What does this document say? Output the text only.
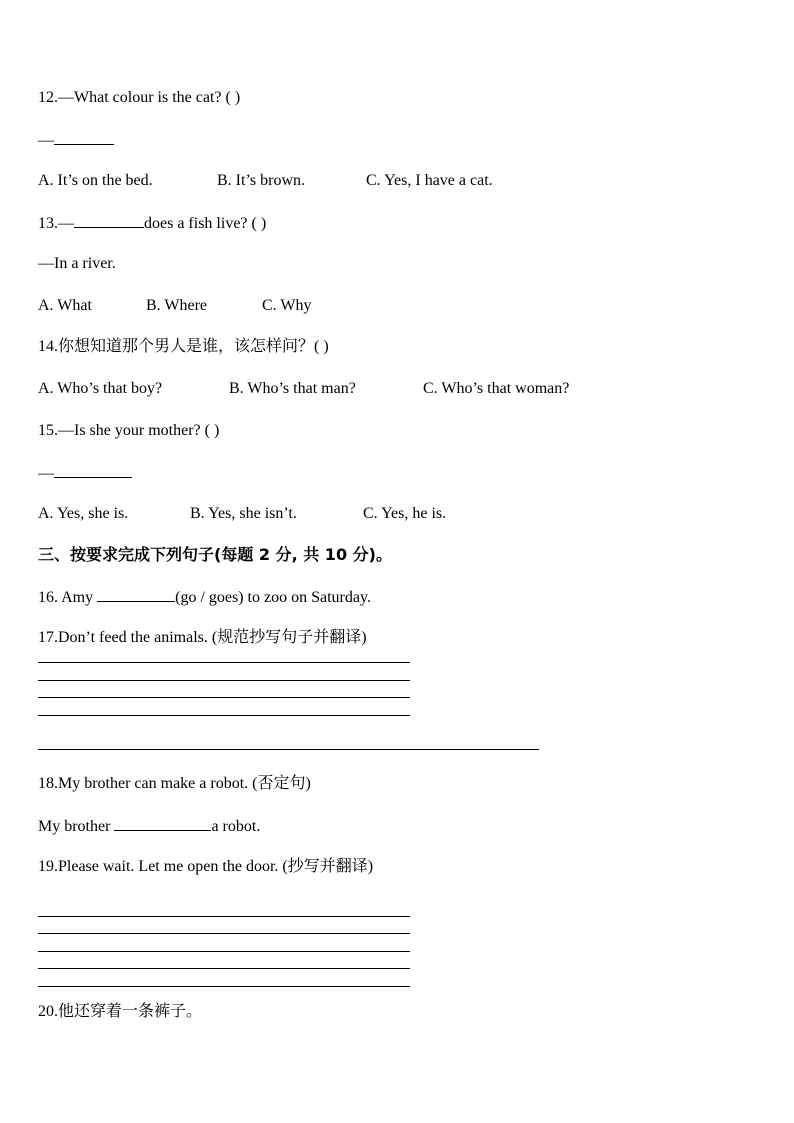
12.—What colour is the cat? ( )
—
A. It’s on the bed.	B. It’s brown.	C. Yes, I have a cat.
13.—	does a fish live? ( )
—In a river.
A. What	B. Where	C. Why
14.你想知道那个男人是谁，该怎样问？( )
A. Who’s that boy?	B. Who’s that man?	C. Who’s that woman?
15.—Is she your mother? ( )
—
A. Yes, she is.	B. Yes, she isn’t.	C. Yes, he is.
三、按要求完成下列句子(每题 2 分, 共 10 分)。
16. Amy	(go / goes) to zoo on Saturday.
17.Don’t feed the animals. (规范抄写句子并翻译)
18.My brother can make a robot. (否定句)
My brother	a robot.
19.Please wait. Let me open the door. (抄写并翻译)
20.他还穿着一条裤子。
